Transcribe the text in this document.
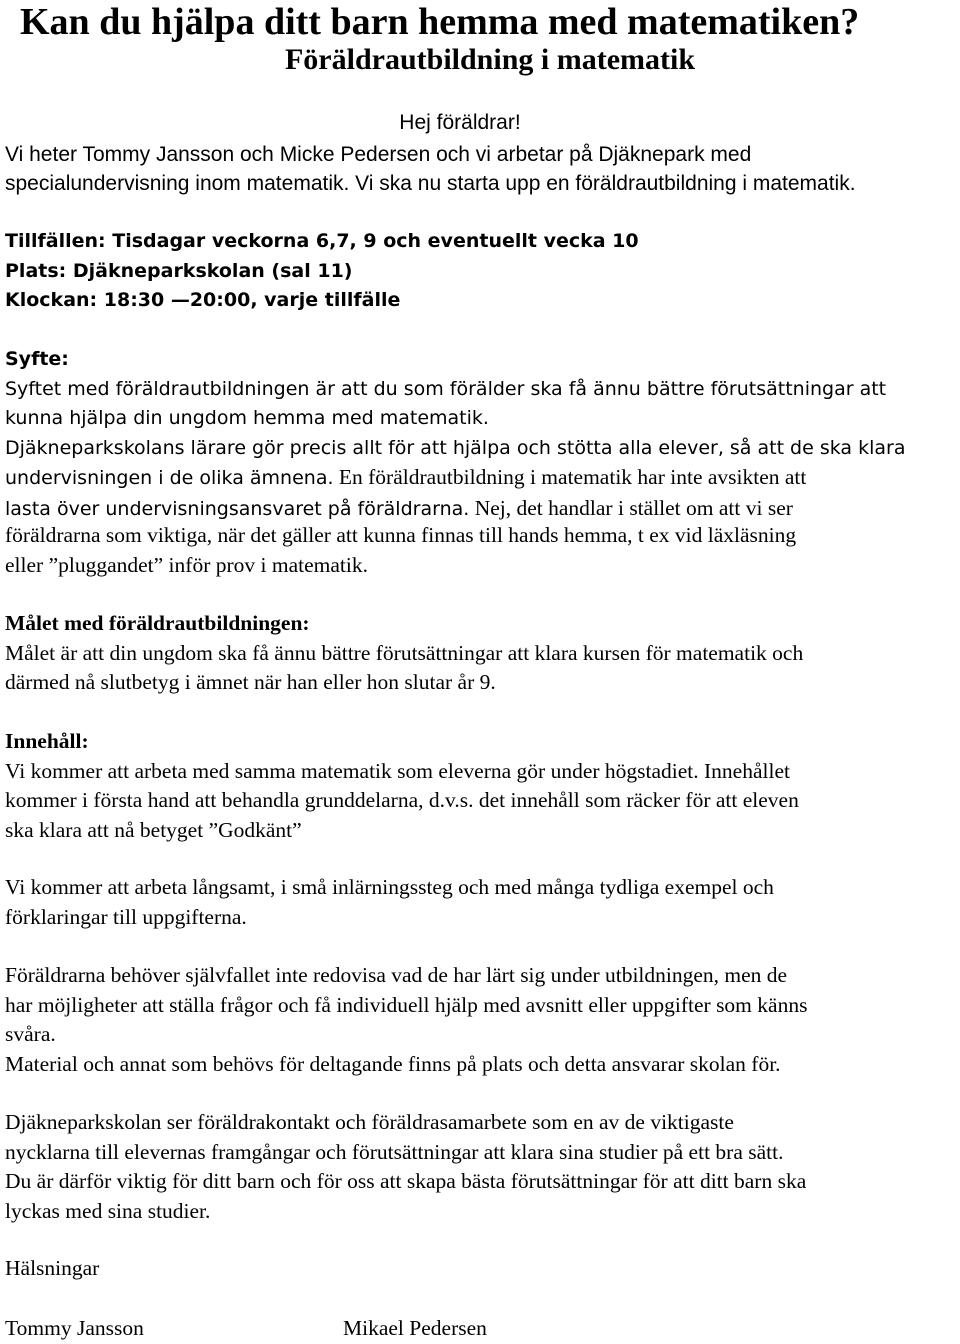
Kan du hjälpa ditt barn hemma med matematiken?
Föräldrautbildning i matematik
Hej föräldrar!
Vi heter Tommy Jansson och Micke Pedersen och vi arbetar på Djäknepark med
specialundervisning inom matematik. Vi ska nu starta upp en föräldrautbildning i matematik.
Tillfällen: Tisdagar veckorna 6,7, 9 och eventuellt vecka 10
Plats: Djäkneparkskolan (sal 11)
Klockan: 18:30 —20:00, varje tillfälle
Syfte:
Syftet med föräldrautbildningen är att du som förälder ska få ännu bättre förutsättningar att
kunna hjälpa din ungdom hemma med matematik.
Djäkneparkskolans lärare gör precis allt för att hjälpa och stötta alla elever, så att de ska klara
undervisningen i de olika ämnena. En föräldrautbildning i matematik har inte avsikten att
lasta över undervisningsansvaret på föräldrarna. Nej, det handlar i stället om att vi ser
föräldrarna som viktiga, när det gäller att kunna finnas till hands hemma, t ex vid läxläsning
eller ”pluggandet” inför prov i matematik.
Målet med föräldrautbildningen:
Målet är att din ungdom ska få ännu bättre förutsättningar att klara kursen för matematik och
därmed nå slutbetyg i ämnet när han eller hon slutar år 9.
Innehåll:
Vi kommer att arbeta med samma matematik som eleverna gör under högstadiet. Innehållet
kommer i första hand att behandla grunddelarna, d.v.s. det innehåll som räcker för att eleven
ska klara att nå betyget ”Godkänt”
Vi kommer att arbeta långsamt, i små inlärningssteg och med många tydliga exempel och
förklaringar till uppgifterna.
Föräldrarna behöver självfallet inte redovisa vad de har lärt sig under utbildningen, men de
har möjligheter att ställa frågor och få individuell hjälp med avsnitt eller uppgifter som känns
svåra.
Material och annat som behövs för deltagande finns på plats och detta ansvarar skolan för.
Djäkneparkskolan ser föräldrakontakt och föräldrasamarbete som en av de viktigaste
nycklarna till elevernas framgångar och förutsättningar att klara sina studier på ett bra sätt.
Du är därför viktig för ditt barn och för oss att skapa bästa förutsättningar för att ditt barn ska
lyckas med sina studier.
Hälsningar
Tommy Jansson	Mikael Pedersen
